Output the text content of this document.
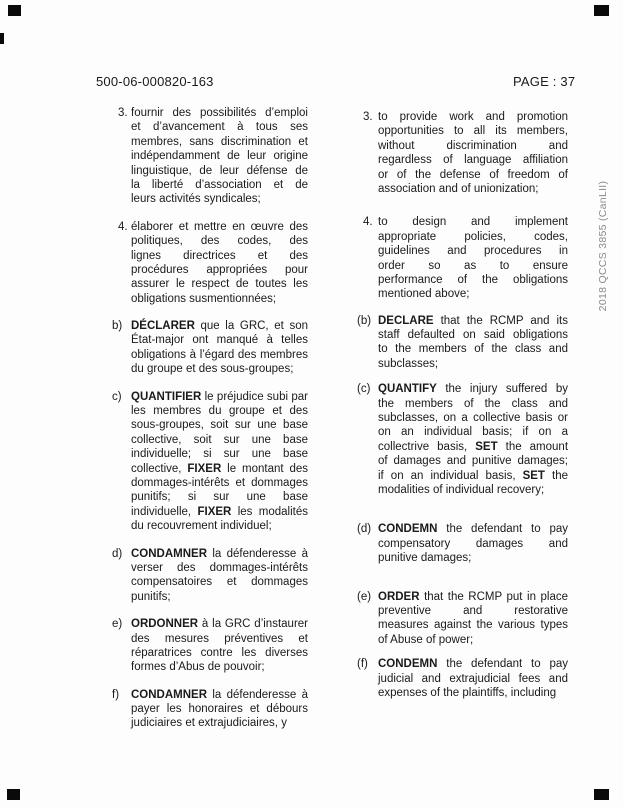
500-06-000820-163	PAGE : 37
2018 QCCS 3855 (CanLII)
3. fournir des possibilités d’emploi
et d’avancement à tous ses
membres, sans discrimination et
indépendamment de leur origine
linguistique, de leur défense de
la liberté d’association et de
leurs activités syndicales;
4. élaborer et mettre en œuvre des
politiques, des codes, des
lignes directrices et des
procédures appropriées pour
assurer le respect de toutes les
obligations susmentionnées;
b) DÉCLARER que la GRC, et son
État-major ont manqué à telles
obligations à l’égard des membres
du groupe et des sous-groupes;
c) QUANTIFIER le préjudice subi par
les membres du groupe et des
sous-groupes, soit sur une base
collective, soit sur une base
individuelle; si sur une base
collective, FIXER le montant des
dommages-intérêts et dommages
punitifs; si sur une base
individuelle, FIXER les modalités
du recouvrement individuel;
d) CONDAMNER la défenderesse à
verser des dommages-intérêts
compensatoires et dommages
punitifs;
e) ORDONNER à la GRC d’instaurer
des mesures préventives et
réparatrices contre les diverses
formes d’Abus de pouvoir;
f) CONDAMNER la défenderesse à
payer les honoraires et débours
judiciaires et extrajudiciaires, y
3. to provide work and promotion
opportunities to all its members,
without discrimination and
regardless of language affiliation
or of the defense of freedom of
association and of unionization;
4. to design and implement
appropriate policies, codes,
guidelines and procedures in
order so as to ensure
performance of the obligations
mentioned above;
(b) DECLARE that the RCMP and its
staff defaulted on said obligations
to the members of the class and
subclasses;
(c) QUANTIFY the injury suffered by
the members of the class and
subclasses, on a collective basis or
on an individual basis; if on a
collectrive basis, SET the amount
of damages and punitive damages;
if on an individual basis, SET the
modalities of individual recovery;
(d) CONDEMN the defendant to pay
compensatory damages and
punitive damages;
(e) ORDER that the RCMP put in place
preventive and restorative
measures against the various types
of Abuse of power;
(f) CONDEMN the defendant to pay
judicial and extrajudicial fees and
expenses of the plaintiffs, including
